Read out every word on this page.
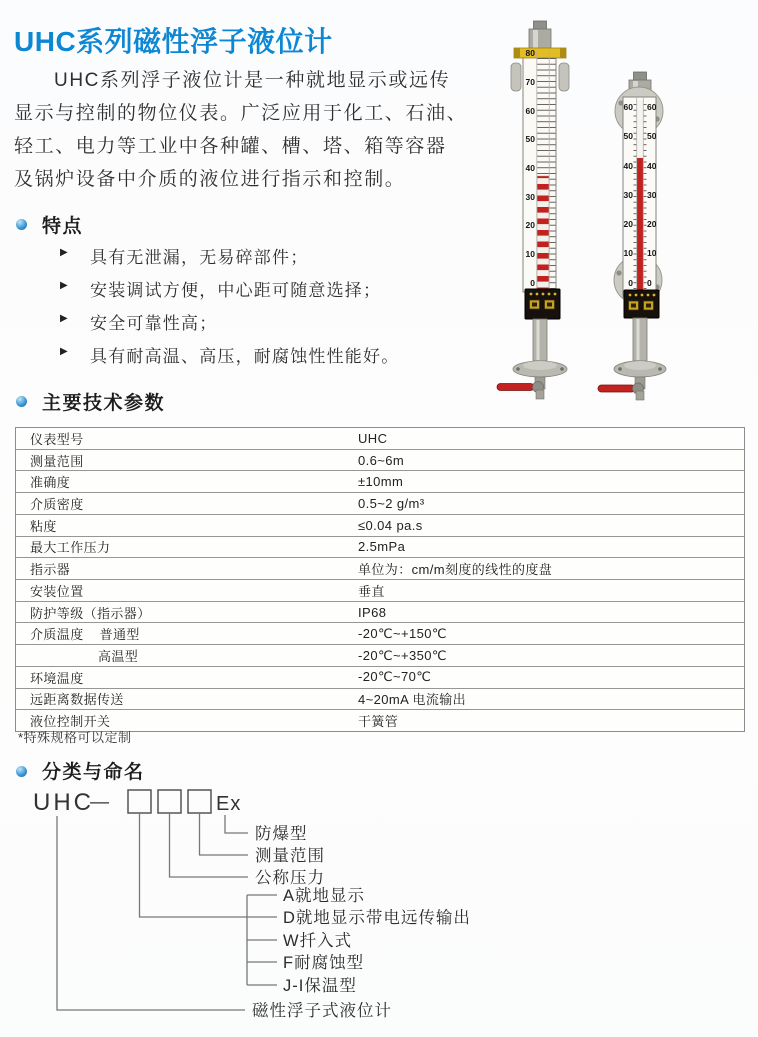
UHC系列磁性浮子液位计
UHC系列浮子液位计是一种就地显示或远传
显示与控制的物位仪表。广泛应用于化工、石油、
轻工、电力等工业中各种罐、槽、塔、箱等容器
及锅炉设备中介质的液位进行指示和控制。
特点
▶
具有无泄漏，无易碎部件；
▶
安装调试方便，中心距可随意选择；
▶
安全可靠性高；
▶
具有耐高温、高压，耐腐蚀性性能好。
主要技术参数
仪表型号	UHC
测量范围	0.6~6m
准确度	±10mm
介质密度	0.5~2 g/m³
粘度	≤0.04 pa.s
最大工作压力	2.5mPa
指示器	单位为：cm/m刻度的线性的度盘
安装位置	垂直
防护等级（指示器）	IP68
介质温度 普通型	-20℃~+150℃
高温型	-20℃~+350℃
环境温度	-20℃~70℃
远距离数据传送	4~20mA 电流输出
液位控制开关	干簧管
*特殊规格可以定制
分类与命名
UHC
—	Ex
防爆型
测量范围
公称压力
A就地显示
D就地显示带电远传输出
W扦入式
F耐腐蚀型
J-I保温型
磁性浮子式液位计
80
70
60
50
40
30
20
10
0
60
50
40
30
20
10
0
60
50
40
30
20
10
0
